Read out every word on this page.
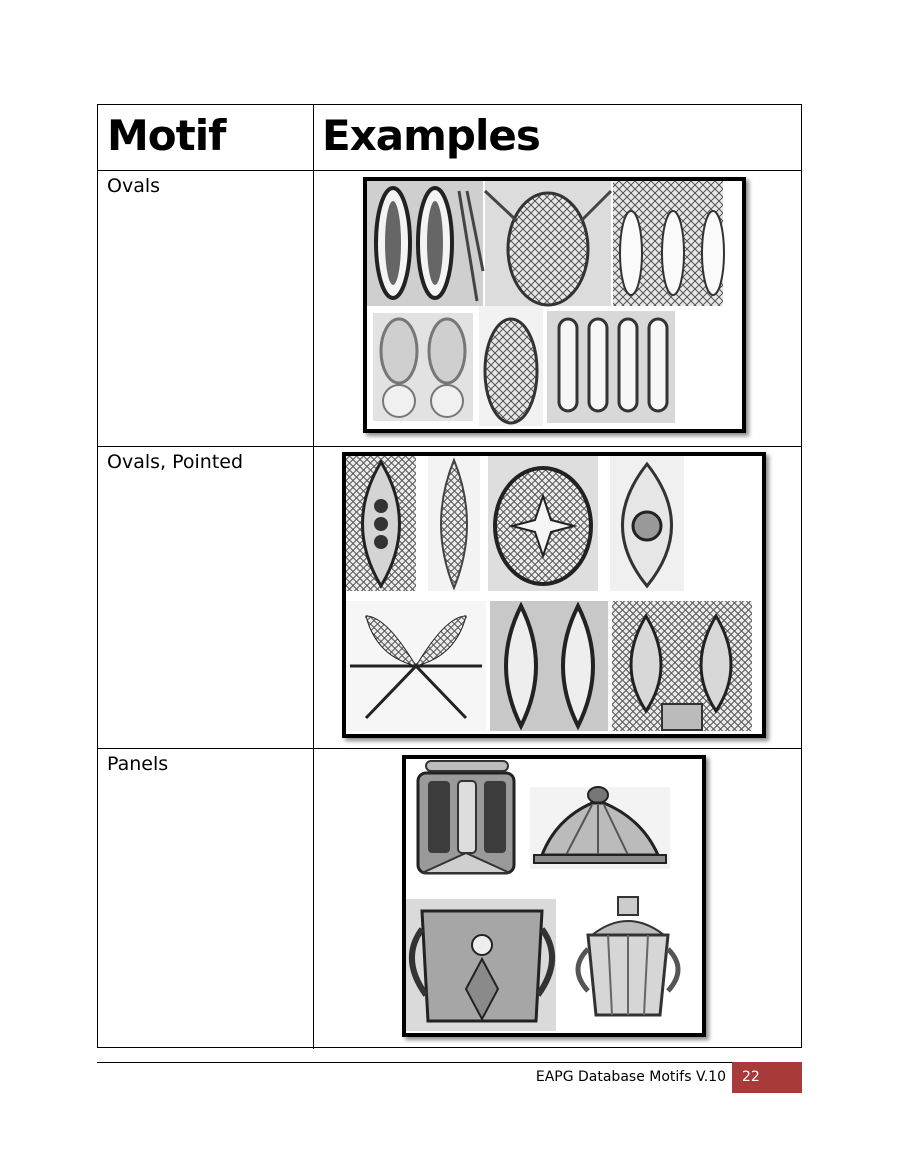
Motif Examples
Ovals
Ovals, Pointed
Panels
EAPG Database Motifs V.10	22
